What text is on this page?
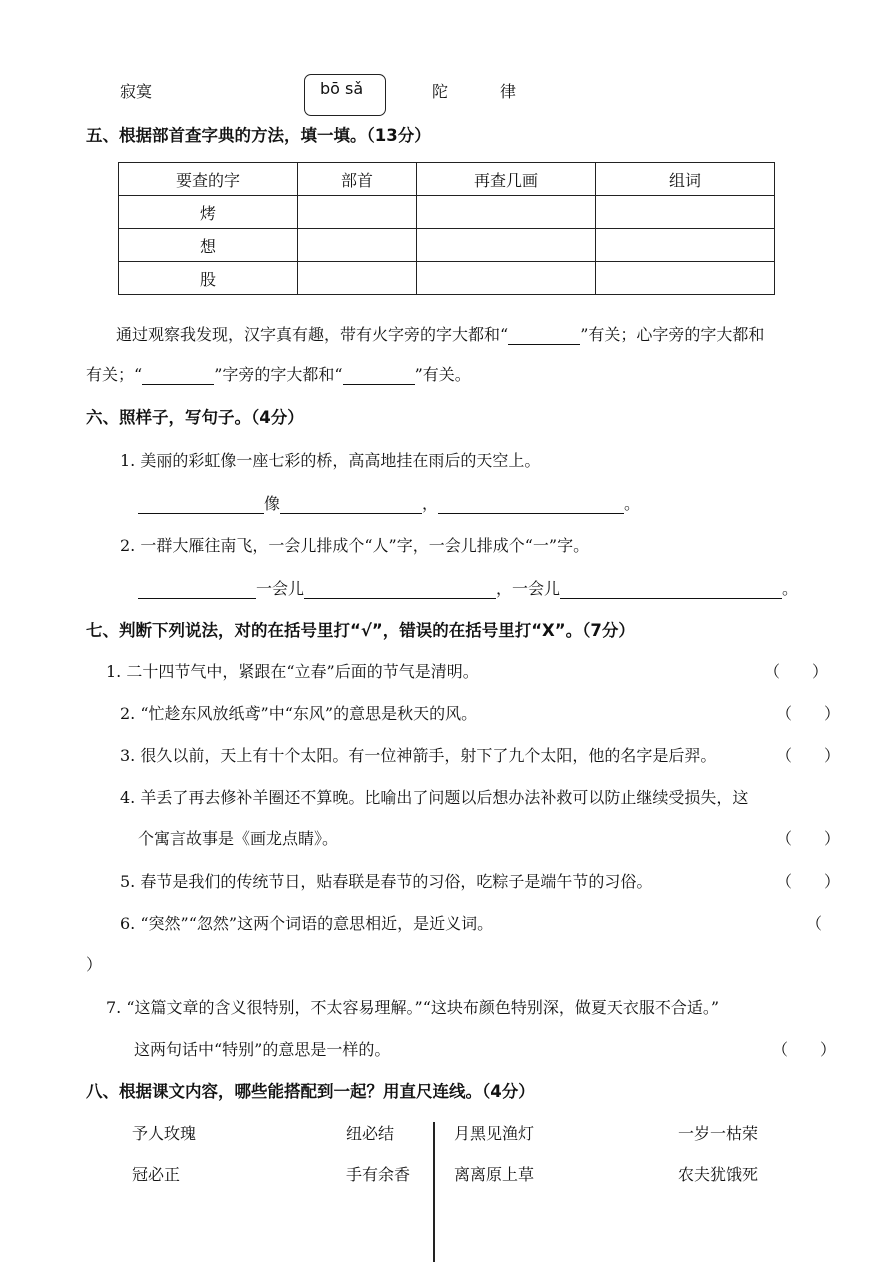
寂寞	bō sǎ	陀	律
五、根据部首查字典的方法，填一填。（13分）
要查的字	部首	再查几画	组词
烤			
想			
股			
通过观察我发现，汉字真有趣，带有火字旁的字大都和“	”有关；心字旁的字大都和
有关；“	”字旁的字大都和“	”有关。
六、照样子，写句子。（4分）
1. 美丽的彩虹像一座七彩的桥，高高地挂在雨后的天空上。
像	，	。
2. 一群大雁往南飞，一会儿排成个“人”字，一会儿排成个“一”字。
一会儿	，一会儿	。
七、判断下列说法，对的在括号里打“√”，错误的在括号里打“X”。（7分）
1. 二十四节气中，紧跟在“立春”后面的节气是清明。	（　　）
2. “忙趁东风放纸鸢”中“东风”的意思是秋天的风。	（　　）
3. 很久以前，天上有十个太阳。有一位神箭手，射下了九个太阳，他的名字是后羿。	（　　）
4. 羊丢了再去修补羊圈还不算晚。比喻出了问题以后想办法补救可以防止继续受损失，这
个寓言故事是《画龙点睛》。	（　　）
5. 春节是我们的传统节日，贴春联是春节的习俗，吃粽子是端午节的习俗。	（　　）
6. “突然”“忽然”这两个词语的意思相近，是近义词。	（
）
7. “这篇文章的含义很特别，不太容易理解。”“这块布颜色特别深，做夏天衣服不合适。”
这两句话中“特别”的意思是一样的。	（　　）
八、根据课文内容，哪些能搭配到一起？用直尺连线。（4分）
予人玫瑰	纽必结	月黑见渔灯	一岁一枯荣
冠必正	手有余香	离离原上草	农夫犹饿死
